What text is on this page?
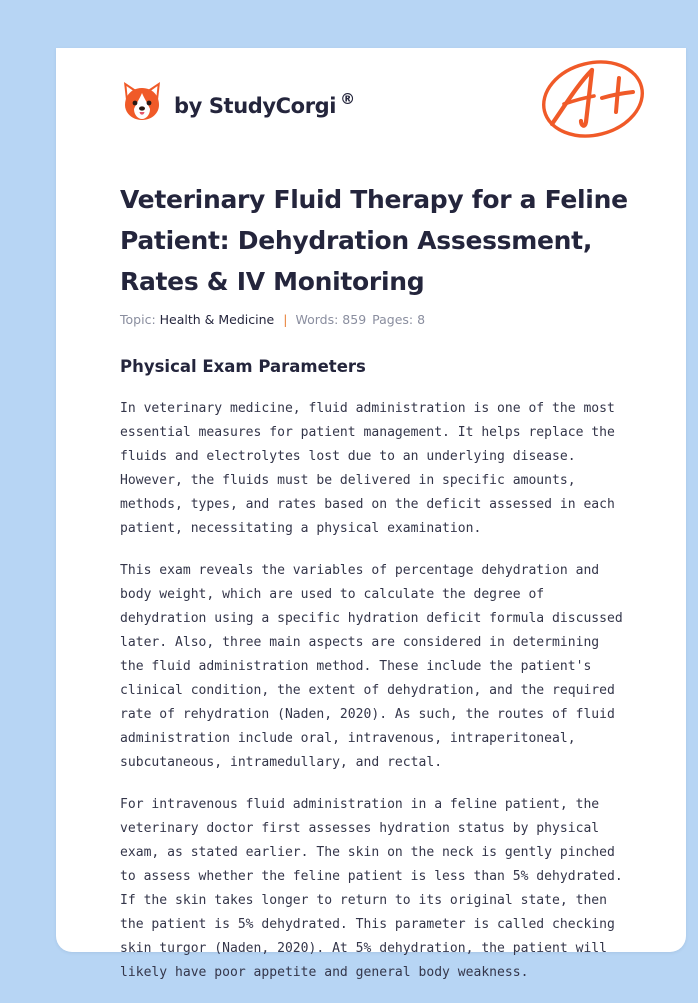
by StudyCorgi ®
Veterinary Fluid Therapy for a Feline Patient: Dehydration Assessment, Rates & IV Monitoring
Topic: Health & Medicine | Words: 859 Pages: 8
Physical Exam Parameters

In veterinary medicine, fluid administration is one of the most essential measures for patient management. It helps replace the fluids and electrolytes lost due to an underlying disease. However, the fluids must be delivered in specific amounts, methods, types, and rates based on the deficit assessed in each patient, necessitating a physical examination.

This exam reveals the variables of percentage dehydration and body weight, which are used to calculate the degree of dehydration using a specific hydration deficit formula discussed later. Also, three main aspects are considered in determining the fluid administration method. These include the patient's clinical condition, the extent of dehydration, and the required rate of rehydration (Naden, 2020). As such, the routes of fluid administration include oral, intravenous, intraperitoneal, subcutaneous, intramedullary, and rectal.

For intravenous fluid administration in a feline patient, the veterinary doctor first assesses hydration status by physical exam, as stated earlier. The skin on the neck is gently pinched to assess whether the feline patient is less than 5% dehydrated. If the skin takes longer to return to its original state, then the patient is 5% dehydrated. This parameter is called checking skin turgor (Naden, 2020). At 5% dehydration, the patient will likely have poor appetite and general body weakness.
